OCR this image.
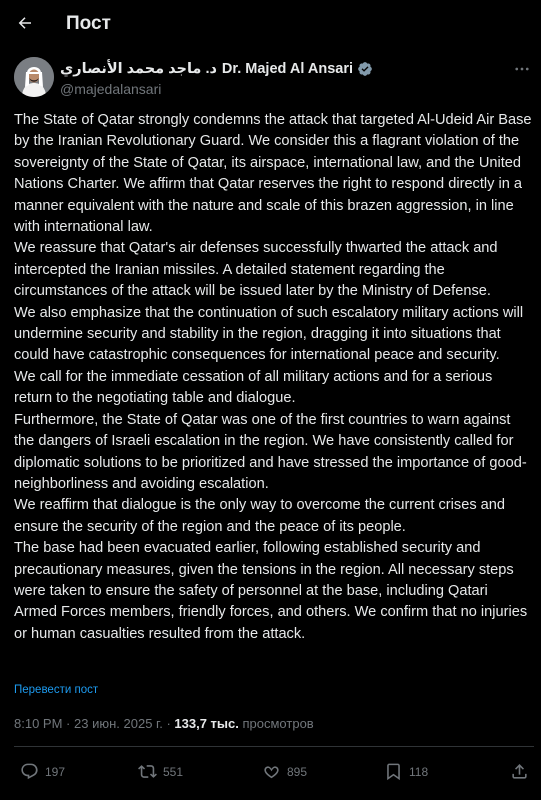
Пост
د. ماجد محمد الأنصاري Dr. Majed Al Ansari
@majedalansari

The State of Qatar strongly condemns the attack that targeted Al-Udeid Air Base by the Iranian Revolutionary Guard. We consider this a flagrant violation of the sovereignty of the State of Qatar, its airspace, international law, and the United Nations Charter. We affirm that Qatar reserves the right to respond directly in a manner equivalent with the nature and scale of this brazen aggression, in line with international law.

We reassure that Qatar's air defenses successfully thwarted the attack and intercepted the Iranian missiles. A detailed statement regarding the circumstances of the attack will be issued later by the Ministry of Defense.

We also emphasize that the continuation of such escalatory military actions will undermine security and stability in the region, dragging it into situations that could have catastrophic consequences for international peace and security.

We call for the immediate cessation of all military actions and for a serious return to the negotiating table and dialogue.

Furthermore, the State of Qatar was one of the first countries to warn against the dangers of Israeli escalation in the region. We have consistently called for diplomatic solutions to be prioritized and have stressed the importance of good-neighborliness and avoiding escalation.

We reaffirm that dialogue is the only way to overcome the current crises and ensure the security of the region and the peace of its people.

The base had been evacuated earlier, following established security and precautionary measures, given the tensions in the region. All necessary steps were taken to ensure the safety of personnel at the base, including Qatari Armed Forces members, friendly forces, and others. We confirm that no injuries or human casualties resulted from the attack.

Перевести пост
8:10 PM · 23 июн. 2025 г. · 133,7 тыс. просмотров
197	551	895	118
